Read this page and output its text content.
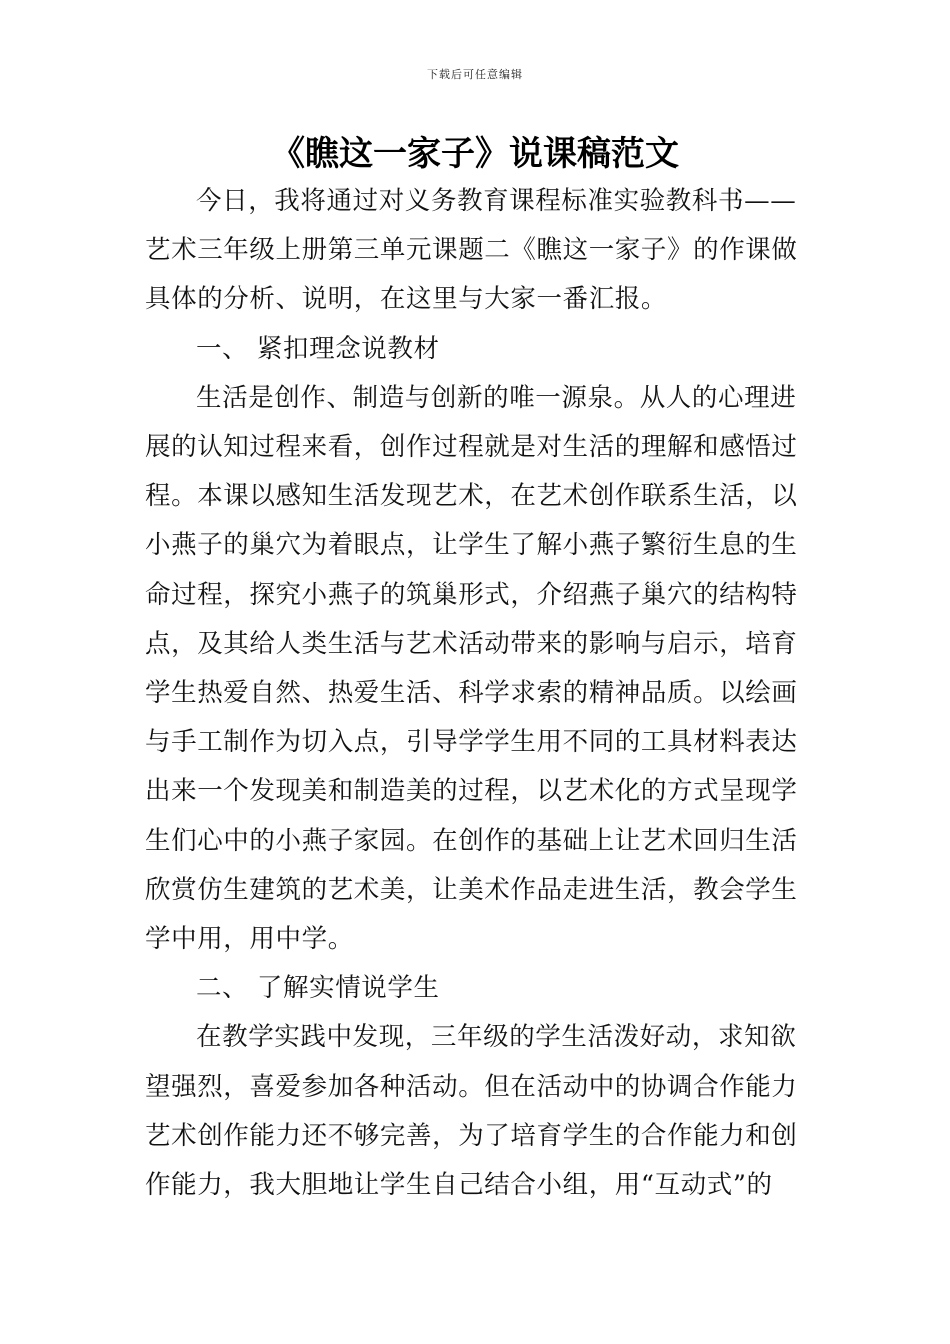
下载后可任意编辑
《瞧这一家子》说课稿范文

今日，我将通过对义务教育课程标准实验教科书——
艺术三年级上册第三单元课题二《瞧这一家子》的作课做
具体的分析、说明，在这里与大家一番汇报。

一、 紧扣理念说教材

生活是创作、制造与创新的唯一源泉。从人的心理进
展的认知过程来看，创作过程就是对生活的理解和感悟过
程。本课以感知生活发现艺术，在艺术创作联系生活，以
小燕子的巢穴为着眼点，让学生了解小燕子繁衍生息的生
命过程，探究小燕子的筑巢形式，介绍燕子巢穴的结构特
点，及其给人类生活与艺术活动带来的影响与启示，培育
学生热爱自然、热爱生活、科学求索的精神品质。以绘画
与手工制作为切入点，引导学学生用不同的工具材料表达
出来一个发现美和制造美的过程，以艺术化的方式呈现学
生们心中的小燕子家园。在创作的基础上让艺术回归生活
欣赏仿生建筑的艺术美，让美术作品走进生活，教会学生
学中用，用中学。

二、 了解实情说学生

在教学实践中发现，三年级的学生活泼好动，求知欲
望强烈，喜爱参加各种活动。但在活动中的协调合作能力
艺术创作能力还不够完善，为了培育学生的合作能力和创
作能力，我大胆地让学生自己结合小组，用“互动式”的
